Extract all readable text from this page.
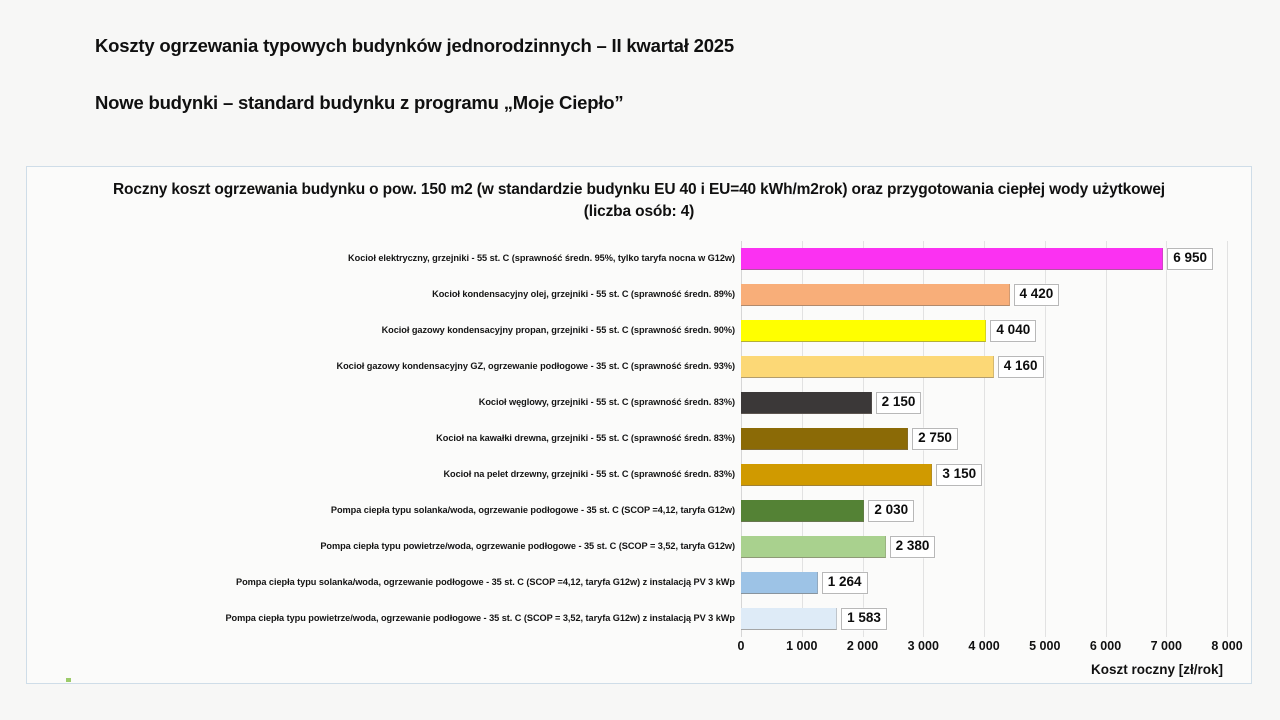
Koszty ogrzewania typowych budynków jednorodzinnych – II kwartał 2025
Nowe budynki – standard budynku z programu „Moje Ciepło”
Roczny koszt ogrzewania budynku o pow. 150 m2 (w standardzie budynku EU 40 i EU=40 kWh/m2rok) oraz przygotowania ciepłej wody użytkowej (liczba osób: 4)
Kocioł elektryczny, grzejniki - 55 st. C (sprawność średn. 95%, tylko taryfa nocna w G12w)	6 950
Kocioł kondensacyjny olej, grzejniki - 55 st. C (sprawność średn. 89%)	4 420
Kocioł gazowy kondensacyjny propan, grzejniki - 55 st. C (sprawność średn. 90%)	4 040
Kocioł gazowy kondensacyjny GZ, ogrzewanie podłogowe - 35 st. C (sprawność średn. 93%)	4 160
Kocioł węglowy, grzejniki - 55 st. C (sprawność średn. 83%)	2 150
Kocioł na kawałki drewna, grzejniki - 55 st. C (sprawność średn. 83%)	2 750
Kocioł na pelet drzewny, grzejniki - 55 st. C (sprawność średn. 83%)	3 150
Pompa ciepła typu solanka/woda, ogrzewanie podłogowe - 35 st. C (SCOP =4,12, taryfa G12w)	2 030
Pompa ciepła typu powietrze/woda, ogrzewanie podłogowe - 35 st. C (SCOP = 3,52, taryfa G12w)	2 380
Pompa ciepła typu solanka/woda, ogrzewanie podłogowe - 35 st. C (SCOP =4,12, taryfa G12w) z instalacją PV 3 kWp	1 264
Pompa ciepła typu powietrze/woda, ogrzewanie podłogowe - 35 st. C (SCOP = 3,52, taryfa G12w) z instalacją PV 3 kWp	1 583
0	1 000 2 000 3 000 4 000 5 000 6 000 7 000 8 000
Koszt roczny [zł/rok]
